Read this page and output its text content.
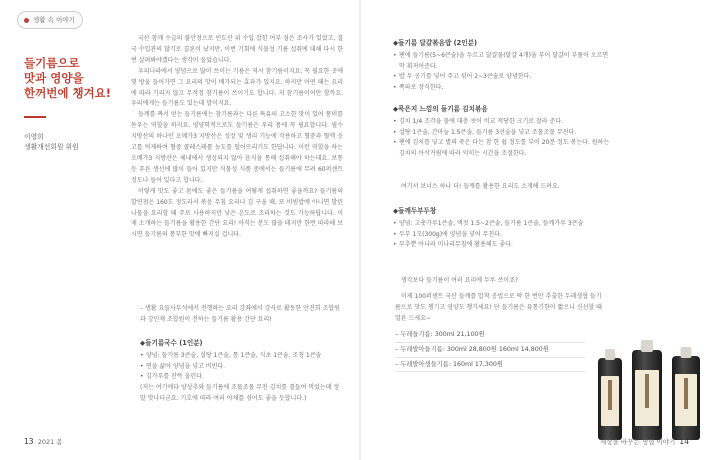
생활 속 이야기
들기름으로
맛과 영양을
한꺼번에 챙겨요!
이영희
생활개선회원 위원

국산 참깨 수급의 불안정으로 인도산 위 수입 잡힌 여부 섬은 조사가 있었고, 결국 수입관의 많기로 결론이 났지만, 이번 기회에 식물성 기름 섭취에 대해 다시 한 번 살펴봐야겠다는 생각이 들었습니다.

우리나라에서 양념으로 많이 쓰이는 기름은 역시 참기름이지요. 꼭 필요한 곳에 몇 방울 들어가면 그 요리의 맛이 배가되는 효과가 있지요. 하지만 어떤 때는 요리에 따라 기리지 않고 무작정 참기름이 쓰이기도 합니다. 저 참기름이어만 할까요. 우리에게는 들기름도 있는데 말이지요.

들깨를 짜서 얻는 들기름에는 참기름과는 다른 특유의 고소한 맛이 있어 풍미를 돋우는 역할을 하지요. 영양학적으로도 들기름은 우리 몸에 꼭 필요합니다. 필수지방산의 하나인 오메가3 지방산은 성장 및 생리 기능에 작용하고 혈중과 혈액 응고를 억제하여 혈중 콜레스테롤 농도를 떨어뜨리기도 한답니다. 이런 역할을 하는 오메가3 지방산은 체내에서 생성되지 않아 음식을 통해 섭취해야 하는데요. 보통 등 푸른 생선에 많이 들어 있지만 식물성 식품 중에서는 들기름에 무려 60퍼센트 정도나 들어 있다고 합니다.

이렇게 맛도 좋고 몸에도 좋은 들기름을 어떻게 섭취하면 좋을까요? 들기름의 발연점은 160도 정도라서 볶음 무침 요리나 김 구울 때, 또 비빔밥에 아니면 발린 나물을 요리할 때 주로 사용하지만 낮은 온도로 조리하는 것도 가능하답니다. 이제 소개하는 들기름을 활용한 간단 요리! 아직는 분도 많을 테지만 한번 따라해 보시면 들기름의 풍부한 맛에 빠지실 겁니다.

– 생활 요들사부석에서 진행하는 요리 강좌에서 강사로 활동한 안진희 조합원과 강민재 조합원이 전하는 들기름 활용 간단 요리!
◆들기름국수 (1인분)
• 양념: 들기름 3큰술, 설탕 1큰술, 통 1큰술, 식초 1큰술, 조청 1큰술
• 면을 삶아 양념을 넣고 비빈다.
• 김가루를 잔뜩 올린다.
(저는 여기에다 양상추와 들기름에 조물조물 무친 김치를 곁들여 먹었는데 정말 맛나더군요. 기호에 따라 여러 야채를 섞어도 좋을 듯합니다.)
13 2021 봄
◆들기름 달걀볶음밥 (2인분)
• 팬에 들기름(5~6큰술)을 두르고 달걀물(달걀 4개)을 부어 달걀이 부풀어 오르면 막 휘저어준다.
• 밥 두 공기를 넣어 주고 섞어 2~3큰술로 양념한다.
• 쪽파로 장식한다.
◆묵은지 느낌의 들기름 김치볶음
• 김치 1/4 조각을 물에 대충 씻어 비교 적당한 크기로 잘라 준다.
• 설탕 1큰술, 간마늘 1.5큰술, 들기름 3선술을 넣고 조물조물 무친다.
• 팬에 김치를 넣고 별의 죽은 다는 참 한 쉽 정도를 부어 20분 정도 볶는다. 원하는 김치의 아삭거림에 따라 익히는 시간을 조절한다.

여기서 보너스 하나 더! 들깨를 활용한 요리도 소개해 드려요.

◆들깨두부두창
• 양념: 고춧가루1큰술, 액젓 1.5~2큰술, 들기름 1큰술, 들깨가루 3큰술
• 두부 1모(300g)에 양념을 넣어 무친다.
• 부추뿐 아니라 미나리무침에 활용해도 좋다.

생각보다 들기름이 여러 요리에 두루 쓰이죠?

이제 100퍼센트 국산 들깨를 압착 공법으로 딱 한 번만 추출한 두레생협 들기름으로 맛도 챙기고 영양도 챙기세요! 단 들기름은 유통기한이 짧으니 신선할 때 얼른 드세요~

– 두레들기름: 300ml 21,100원
– 두레발아들기름: 300ml 28,800원 160ml 14,800원
– 두레발아생들기름: 160ml 17,300원
세상을 바꾸는 생협 이야기 14
